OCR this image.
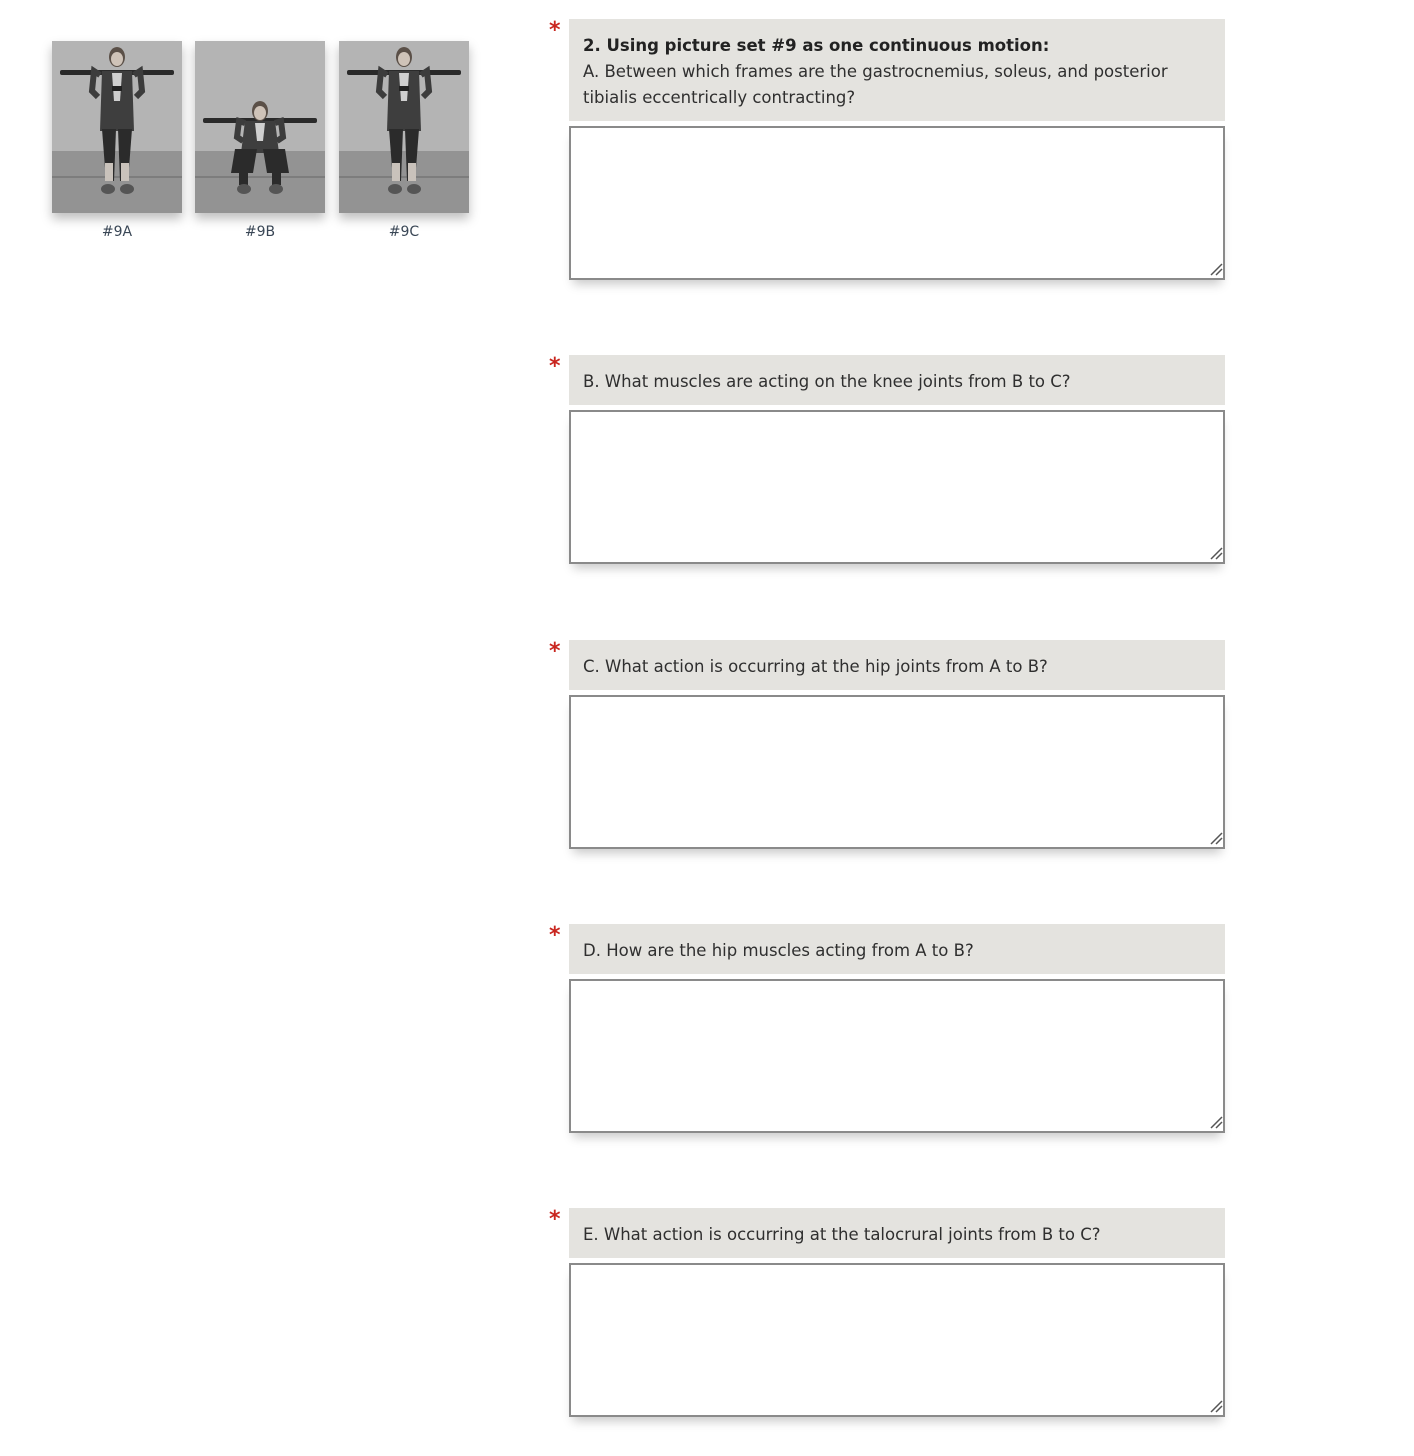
#9A	#9B	#9C
*
2. Using picture set #9 as one continuous motion:
A. Between which frames are the gastrocnemius, soleus, and posterior tibialis eccentrically contracting?
*
B. What muscles are acting on the knee joints from B to C?
*
C. What action is occurring at the hip joints from A to B?
*
D. How are the hip muscles acting from A to B?
*
E. What action is occurring at the talocrural joints from B to C?
